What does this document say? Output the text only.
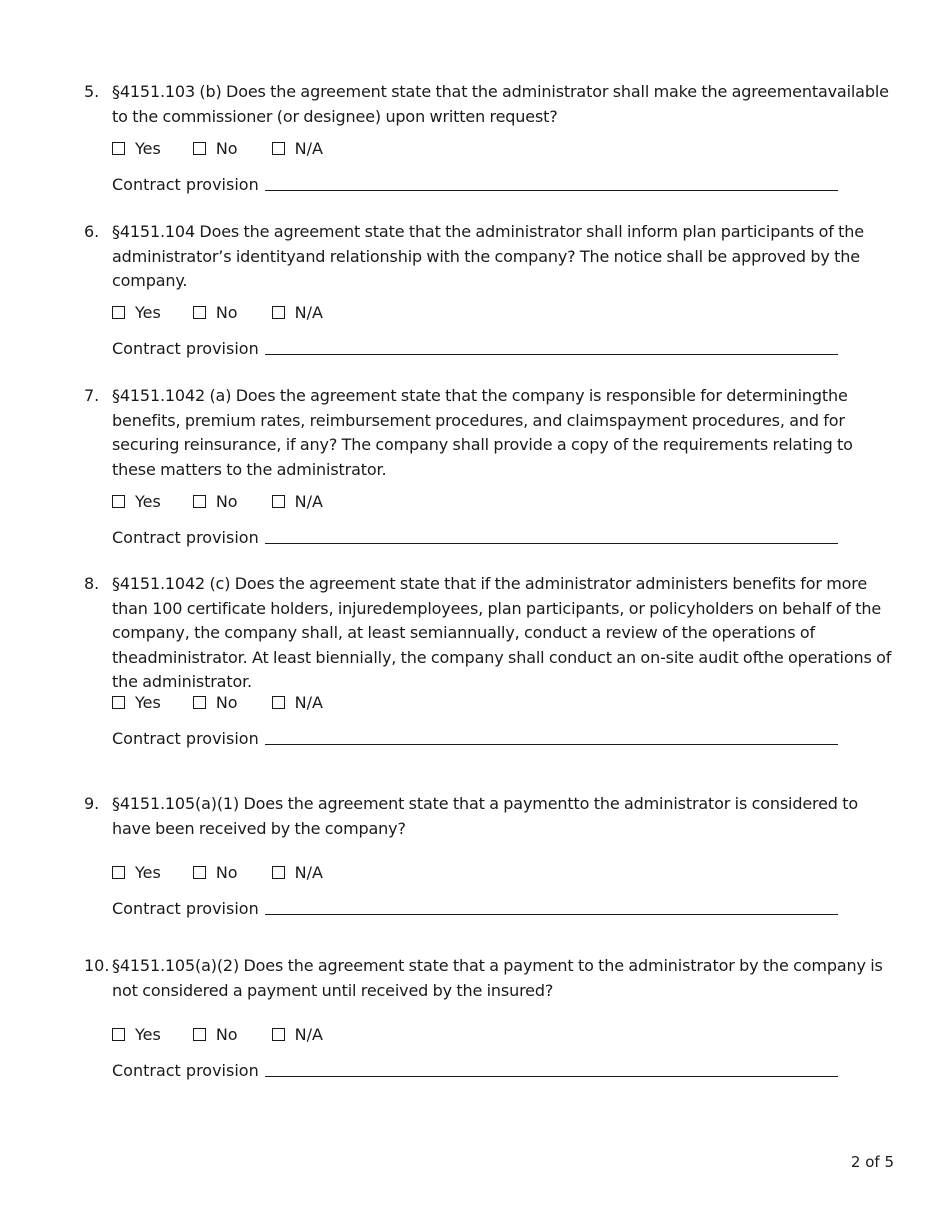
5. §4151.103 (b) Does the agreement state that the administrator shall make the agreementavailable to the commissioner (or designee) upon written request?
Yes	No	N/A
Contract provision
6. §4151.104 Does the agreement state that the administrator shall inform plan participants of the administrator’s identityand relationship with the company? The notice shall be approved by the company.
Yes	No	N/A
Contract provision
7. §4151.1042 (a) Does the agreement state that the company is responsible for determiningthe benefits, premium rates, reimbursement procedures, and claimspayment procedures, and for securing reinsurance, if any? The company shall provide a copy of the requirements relating to these matters to the administrator.
Yes	No	N/A
Contract provision
8. §4151.1042 (c) Does the agreement state that if the administrator administers benefits for more than 100 certificate holders, injuredemployees, plan participants, or policyholders on behalf of the company, the company shall, at least semiannually, conduct a review of the operations of theadministrator. At least biennially, the company shall conduct an on-site audit ofthe operations of the administrator.
Yes	No	N/A
Contract provision
9. §4151.105(a)(1) Does the agreement state that a paymentto the administrator is considered to have been received by the company?
Yes	No	N/A
Contract provision
10. §4151.105(a)(2) Does the agreement state that a payment to the administrator by the company is not considered a payment until received by the insured?
Yes	No	N/A
Contract provision
2 of 5
